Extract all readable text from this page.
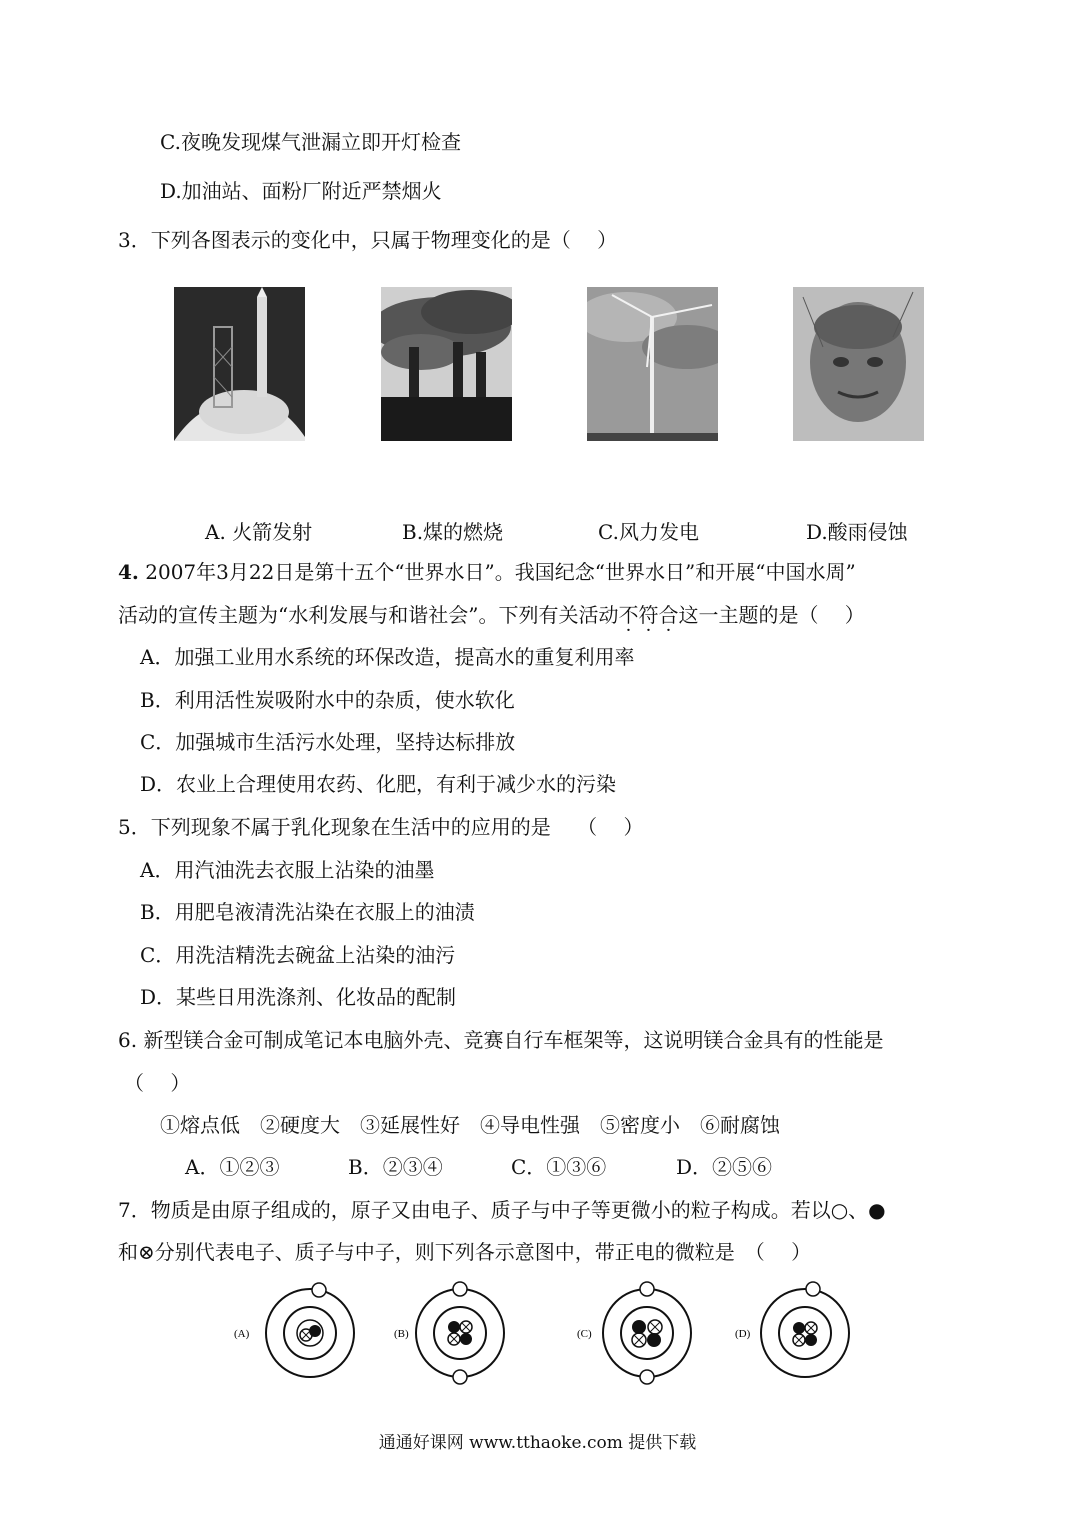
C.夜晚发现煤气泄漏立即开灯检查
D.加油站、面粉厂附近严禁烟火
3．下列各图表示的变化中，只属于物理变化的是（　 ）
A. 火箭发射	B.煤的燃烧	C.风力发电	D.酸雨侵蚀
4. 2007年3月22日是第十五个“世界水日”。我国纪念“世界水日”和开展“中国水周”
活动的宣传主题为“水利发展与和谐社会”。下列有关活动不符合这一主题的是（　 ）
A．加强工业用水系统的环保改造，提高水的重复利用率
B．利用活性炭吸附水中的杂质，使水软化
C．加强城市生活污水处理，坚持达标排放
D．农业上合理使用农药、化肥，有利于减少水的污染
5．下列现象不属于乳化现象在生活中的应用的是　 （　 ）
A．用汽油洗去衣服上沾染的油墨
B．用肥皂液清洗沾染在衣服上的油渍
C．用洗洁精洗去碗盆上沾染的油污
D．某些日用洗涤剂、化妆品的配制
6. 新型镁合金可制成笔记本电脑外壳、竞赛自行车框架等，这说明镁合金具有的性能是
（　 ）
①熔点低　②硬度大　③延展性好　④导电性强　⑤密度小　⑥耐腐蚀
A．①②③	B．②③④	C．①③⑥	D．②⑤⑥
7．物质是由原子组成的，原子又由电子、质子与中子等更微小的粒子构成。若以○、●
和⊗分别代表电子、质子与中子，则下列各示意图中，带正电的微粒是　（　 ）
(A)	(B)	(C)	(D)
通通好课网 www.tthaoke.com 提供下载
